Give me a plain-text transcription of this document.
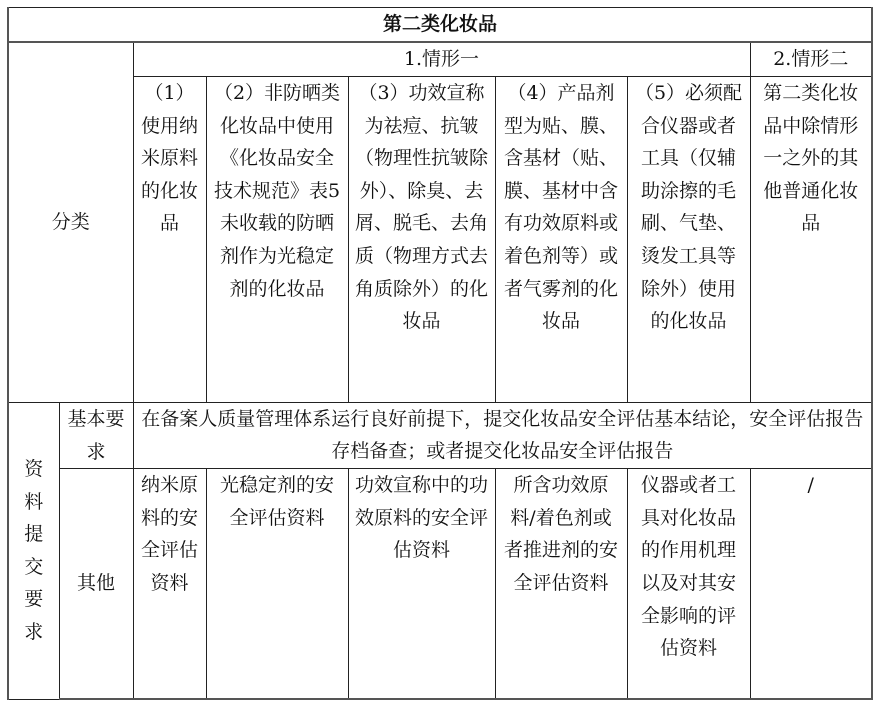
第二类化妆品							
分类		1.情形一					2.情形二

		（1）使用纳米原料的化妆品	（2）非防晒类化妆品中使用《化妆品安全技术规范》表5未收载的防晒剂作为光稳定剂的化妆品	（3）功效宣称为祛痘、抗皱（物理性抗皱除外）、除臭、去屑、脱毛、去角质（物理方式去角质除外）的化妆品	（4）产品剂型为贴、膜、含基材（贴、膜、基材中含有功效原料或着色剂等）或者气雾剂的化妆品	（5）必须配合仪器或者工具（仅辅助涂擦的毛刷、气垫、烫发工具等除外）使用的化妆品	第二类化妆品中除情形一之外的其他普通化妆品

资料提交要求	基本要求	在备案人质量管理体系运行良好前提下，提交化妆品安全评估基本结论，安全评估报告存档备查；或者提交化妆品安全评估报告					

	其他	纳米原料的安全评估资料	光稳定剂的安全评估资料	功效宣称中的功效原料的安全评估资料	所含功效原料/着色剂或者推进剂的安全评估资料	仪器或者工具对化妆品的作用机理以及对其安全影响的评估资料	/
